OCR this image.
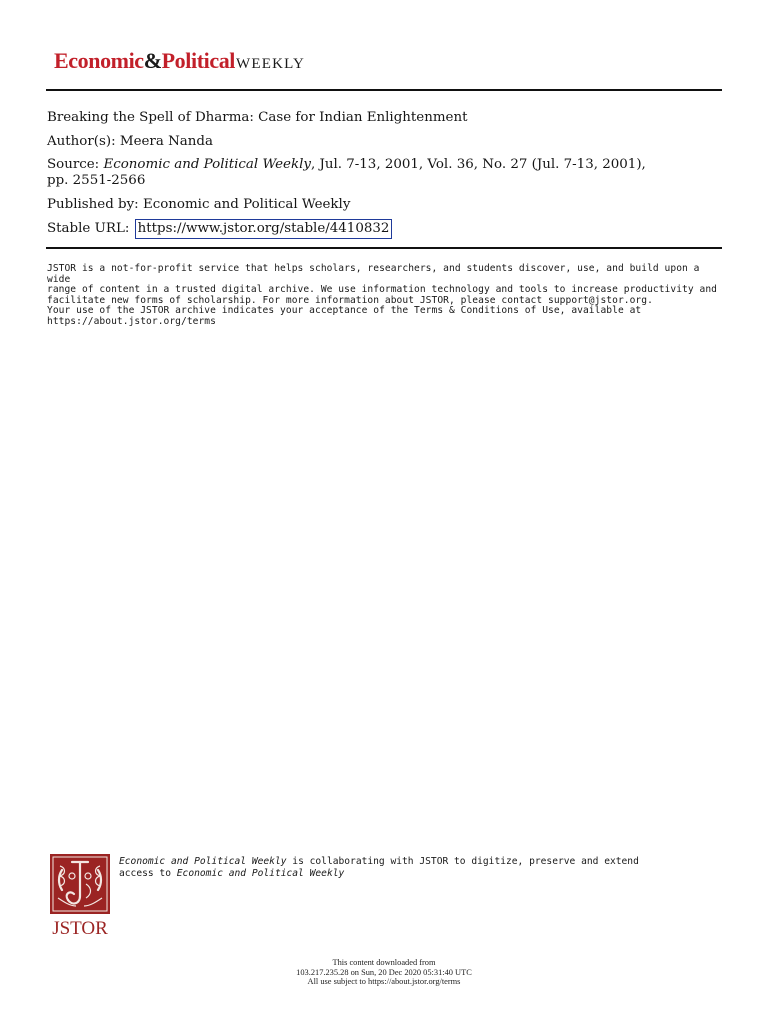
Economic & Political WEEKLY
Breaking the Spell of Dharma: Case for Indian Enlightenment
Author(s): Meera Nanda
Source: Economic and Political Weekly, Jul. 7-13, 2001, Vol. 36, No. 27 (Jul. 7-13, 2001),
pp. 2551-2566
Published by: Economic and Political Weekly
Stable URL: https://www.jstor.org/stable/4410832
JSTOR is a not-for-profit service that helps scholars, researchers, and students discover, use, and build upon a wide
range of content in a trusted digital archive. We use information technology and tools to increase productivity and
facilitate new forms of scholarship. For more information about JSTOR, please contact support@jstor.org.
Your use of the JSTOR archive indicates your acceptance of the Terms & Conditions of Use, available at
https://about.jstor.org/terms
JSTOR
Economic and Political Weekly is collaborating with JSTOR to digitize, preserve and extend
access to Economic and Political Weekly
This content downloaded from
103.217.235.28 on Sun, 20 Dec 2020 05:31:40 UTC
All use subject to https://about.jstor.org/terms
